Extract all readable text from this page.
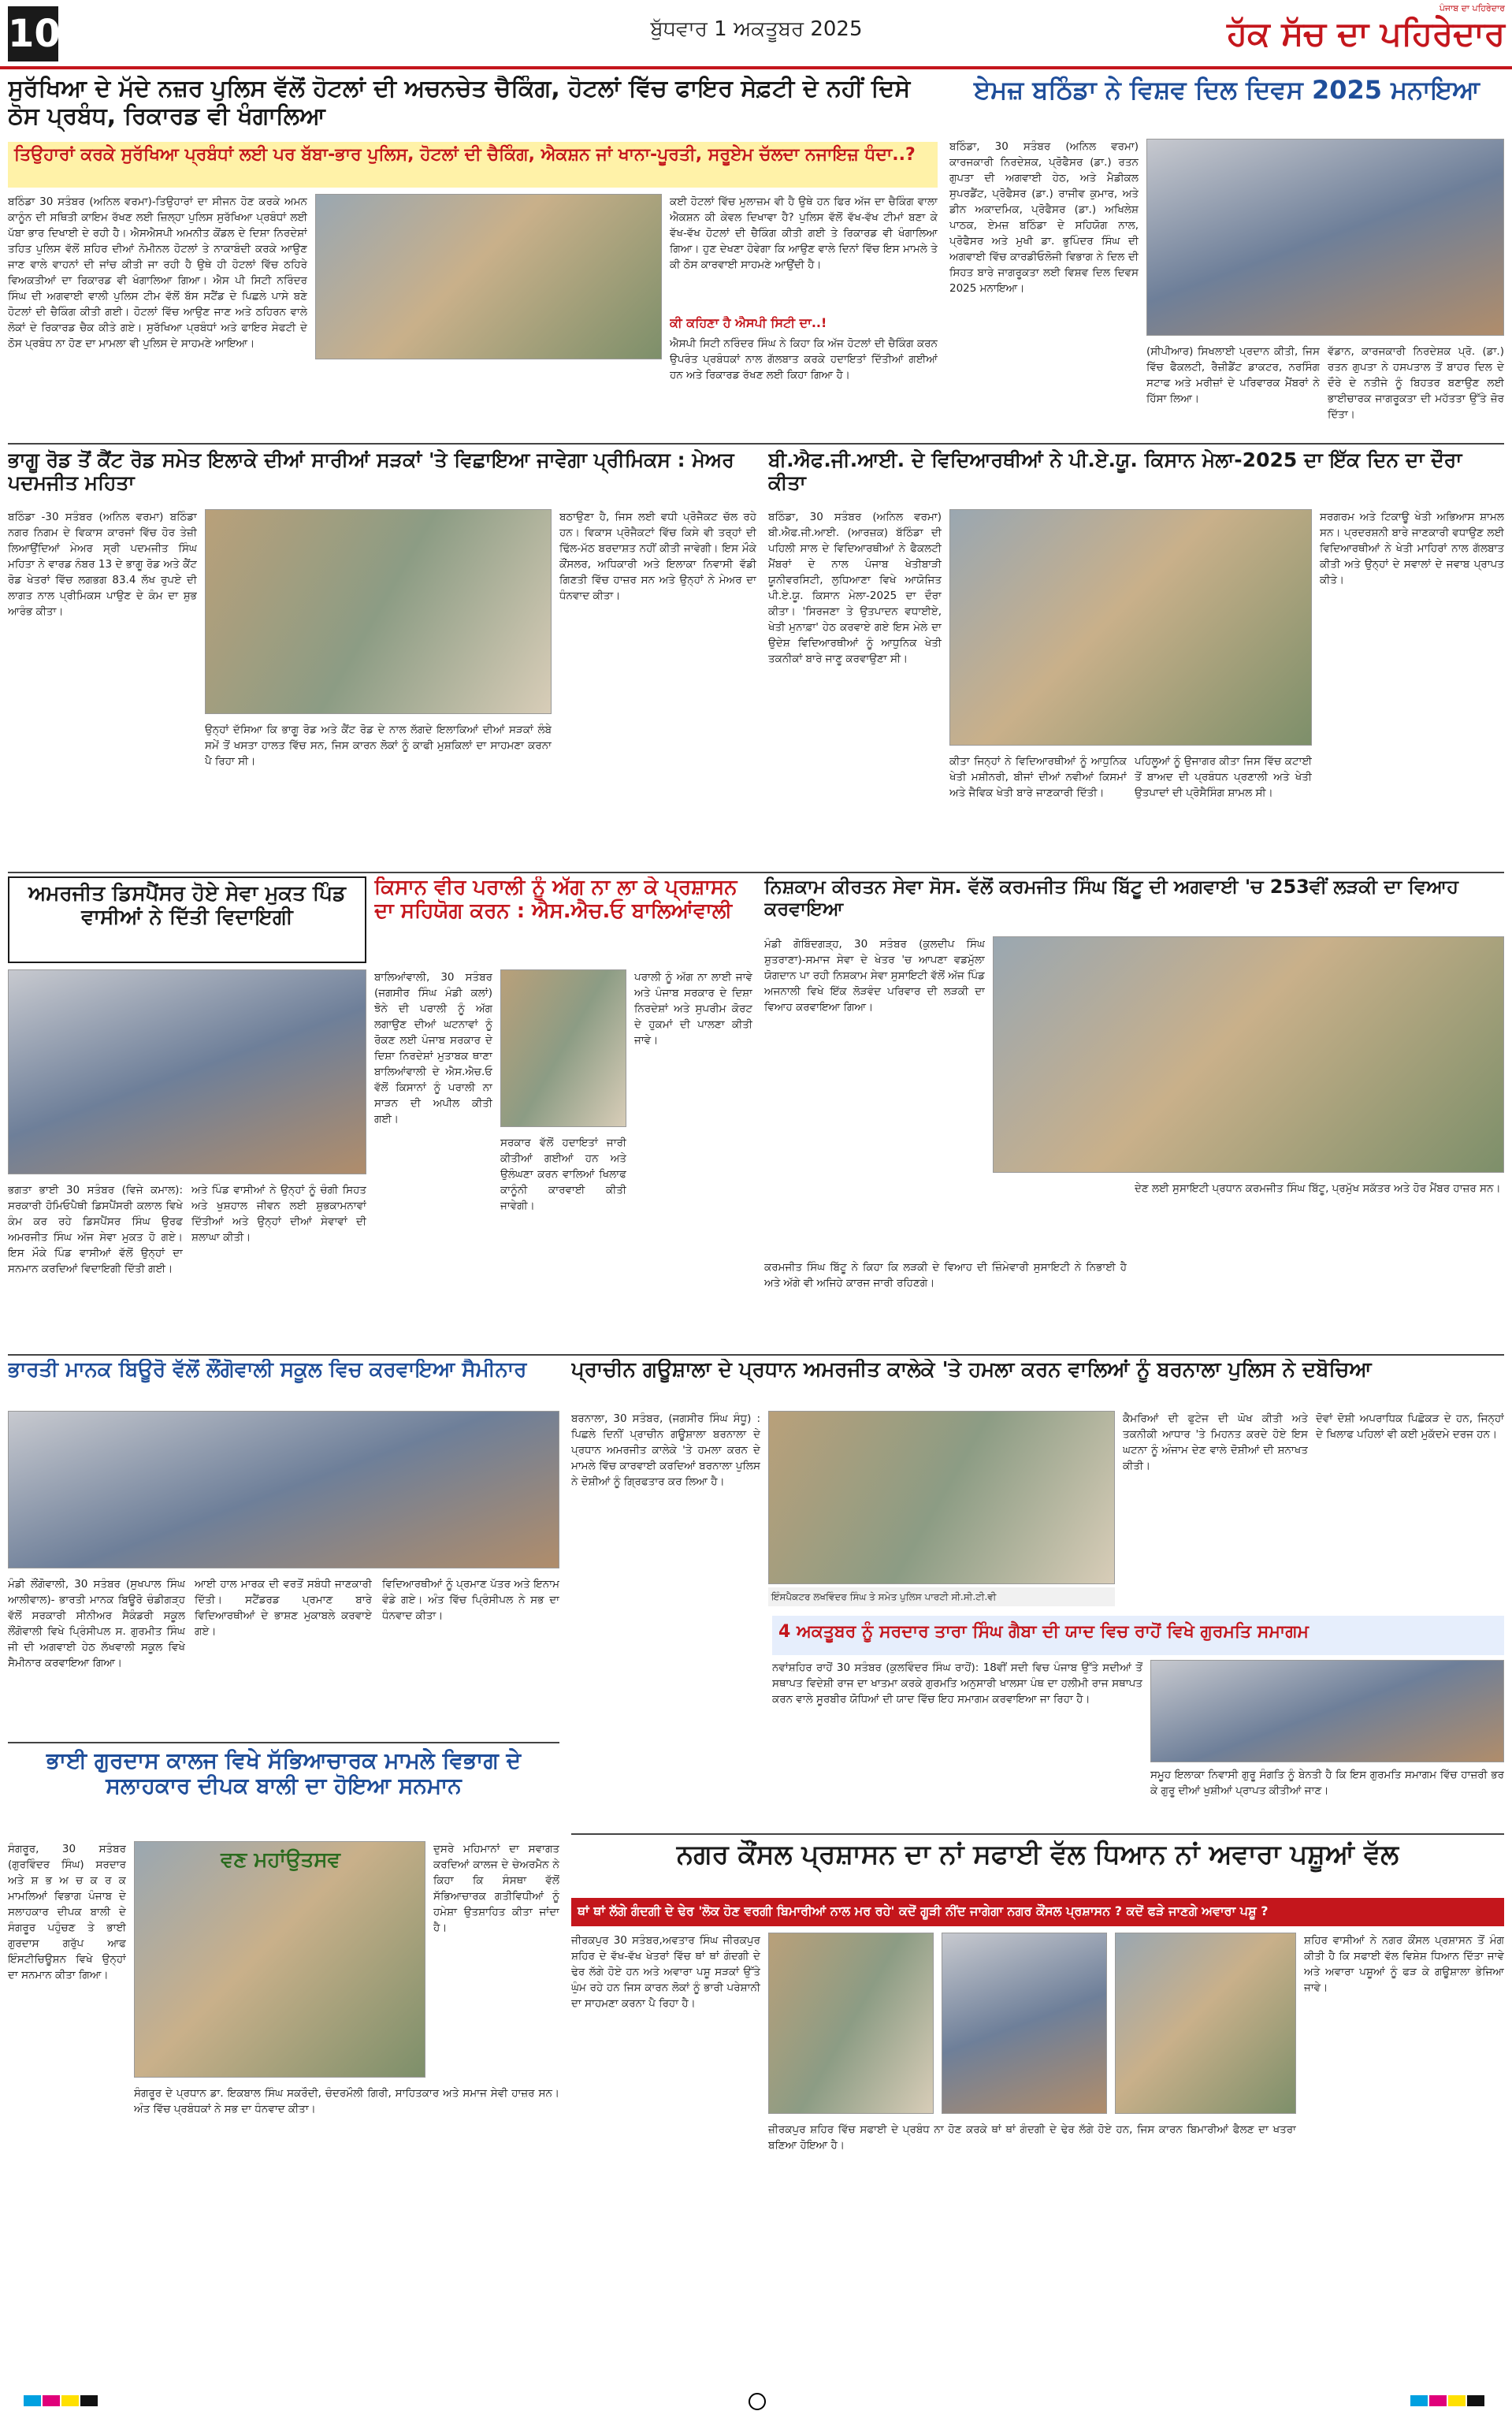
10	ਬੁੱਧਵਾਰ 1 ਅਕਤੂਬਰ 2025
ਪੰਜਾਬ ਦਾ ਪਹਿਰੇਦਾਰ
ਹੱਕ ਸੱਚ ਦਾ ਪਹਿਰੇਦਾਰ
ਸੁਰੱਖਿਆ ਦੇ ਮੱਦੇ ਨਜ਼ਰ ਪੁਲਿਸ ਵੱਲੋਂ ਹੋਟਲਾਂ ਦੀ ਅਚਨਚੇਤ ਚੈਕਿੰਗ, ਹੋਟਲਾਂ ਵਿੱਚ ਫਾਇਰ ਸੇਫ਼ਟੀ ਦੇ ਨਹੀਂ ਦਿਸੇ ਠੋਸ ਪ੍ਰਬੰਧ, ਰਿਕਾਰਡ ਵੀ ਖੰਗਾਲਿਆ
ਤਿਉਹਾਰਾਂ ਕਰਕੇ ਸੁਰੱਖਿਆ ਪ੍ਰਬੰਧਾਂ ਲਈ ਪਰ ਬੱਬਾ-ਭਾਰ ਪੁਲਿਸ, ਹੋਟਲਾਂ ਦੀ ਚੈਕਿੰਗ, ਐਕਸ਼ਨ ਜਾਂ ਖਾਨਾ-ਪੂਰਤੀ, ਸਰੂਏਮ ਚੱਲਦਾ ਨਜਾਇਜ਼ ਧੰਦਾ..?
ਬਠਿੰਡਾ 30 ਸਤੰਬਰ (ਅਨਿਲ ਵਰਮਾ)-ਤਿਉਹਾਰਾਂ ਦਾ ਸੀਜਨ ਹੋਣ ਕਰਕੇ ਅਮਨ ਕਾਨੂੰਨ ਦੀ ਸਥਿਤੀ ਕਾਇਮ ਰੱਖਣ ਲਈ ਜ਼ਿਲ੍ਹਾ ਪੁਲਿਸ ਸੁਰੱਖਿਆ ਪ੍ਰਬੰਧਾਂ ਲਈ ਪੱਬਾ ਭਾਰ ਦਿਖਾਈ ਦੇ ਰਹੀ ਹੈ। ਐਸਐਸਪੀ ਅਮਨੀਤ ਕੋਂਡਲ ਦੇ ਦਿਸ਼ਾ ਨਿਰਦੇਸ਼ਾਂ ਤਹਿਤ ਪੁਲਿਸ ਵੱਲੋਂ ਸ਼ਹਿਰ ਦੀਆਂ ਨੋਮੀਨਲ ਹੋਟਲਾਂ ਤੇ ਨਾਕਾਬੰਦੀ ਕਰਕੇ ਆਉਣ ਜਾਣ ਵਾਲੇ ਵਾਹਨਾਂ ਦੀ ਜਾਂਚ ਕੀਤੀ ਜਾ ਰਹੀ ਹੈ ਉਥੇ ਹੀ ਹੋਟਲਾਂ ਵਿੱਚ ਠਹਿਰੇ ਵਿਅਕਤੀਆਂ ਦਾ ਰਿਕਾਰਡ ਵੀ ਖੰਗਾਲਿਆ ਗਿਆ। ਐਸ ਪੀ ਸਿਟੀ ਨਰਿੰਦਰ ਸਿੰਘ ਦੀ ਅਗਵਾਈ ਵਾਲੀ ਪੁਲਿਸ ਟੀਮ ਵੱਲੋਂ ਬੱਸ ਸਟੈਂਡ ਦੇ ਪਿਛਲੇ ਪਾਸੇ ਬਣੇ ਹੋਟਲਾਂ ਦੀ ਚੈਕਿੰਗ ਕੀਤੀ ਗਈ। ਹੋਟਲਾਂ ਵਿੱਚ ਆਉਣ ਜਾਣ ਅਤੇ ਠਹਿਰਨ ਵਾਲੇ ਲੋਕਾਂ ਦੇ ਰਿਕਾਰਡ ਚੈਕ ਕੀਤੇ ਗਏ। ਸੁਰੱਖਿਆ ਪ੍ਰਬੰਧਾਂ ਅਤੇ ਫਾਇਰ ਸੇਫਟੀ ਦੇ ਠੋਸ ਪ੍ਰਬੰਧ ਨਾ ਹੋਣ ਦਾ ਮਾਮਲਾ ਵੀ ਪੁਲਿਸ ਦੇ ਸਾਹਮਣੇ ਆਇਆ।
ਕਈ ਹੋਟਲਾਂ ਵਿੱਚ ਮੁਲਾਜ਼ਮ ਵੀ ਹੈ ਉਥੇ ਹਨ ਫਿਰ ਅੱਜ ਦਾ ਚੈਕਿੰਗ ਵਾਲਾ ਐਕਸ਼ਨ ਕੀ ਕੇਵਲ ਦਿਖਾਵਾ ਹੈ? ਪੁਲਿਸ ਵੱਲੋਂ ਵੱਖ-ਵੱਖ ਟੀਮਾਂ ਬਣਾ ਕੇ ਵੱਖ-ਵੱਖ ਹੋਟਲਾਂ ਦੀ ਚੈਕਿੰਗ ਕੀਤੀ ਗਈ ਤੇ ਰਿਕਾਰਡ ਵੀ ਖੰਗਾਲਿਆ ਗਿਆ। ਹੁਣ ਦੇਖਣਾ ਹੋਵੇਗਾ ਕਿ ਆਉਣ ਵਾਲੇ ਦਿਨਾਂ ਵਿੱਚ ਇਸ ਮਾਮਲੇ ਤੇ ਕੀ ਠੋਸ ਕਾਰਵਾਈ ਸਾਹਮਣੇ ਆਉਂਦੀ ਹੈ।
ਕੀ ਕਹਿਣਾ ਹੈ ਐਸਪੀ ਸਿਟੀ ਦਾ..!
ਐਸਪੀ ਸਿਟੀ ਨਰਿੰਦਰ ਸਿੰਘ ਨੇ ਕਿਹਾ ਕਿ ਅੱਜ ਹੋਟਲਾਂ ਦੀ ਚੈਕਿੰਗ ਕਰਨ ਉਪਰੰਤ ਪ੍ਰਬੰਧਕਾਂ ਨਾਲ ਗੱਲਬਾਤ ਕਰਕੇ ਹਦਾਇਤਾਂ ਦਿੱਤੀਆਂ ਗਈਆਂ ਹਨ ਅਤੇ ਰਿਕਾਰਡ ਰੱਖਣ ਲਈ ਕਿਹਾ ਗਿਆ ਹੈ।
ਏਮਜ਼ ਬਠਿੰਡਾ ਨੇ ਵਿਸ਼ਵ ਦਿਲ ਦਿਵਸ 2025 ਮਨਾਇਆ
ਬਠਿੰਡਾ, 30 ਸਤੰਬਰ (ਅਨਿਲ ਵਰਮਾ) ਕਾਰਜਕਾਰੀ ਨਿਰਦੇਸ਼ਕ, ਪ੍ਰੋਫੈਸਰ (ਡਾ.) ਰਤਨ ਗੁਪਤਾ ਦੀ ਅਗਵਾਈ ਹੇਠ, ਅਤੇ ਮੈਡੀਕਲ ਸੁਪਰਡੈਂਟ, ਪ੍ਰੋਫੈਸਰ (ਡਾ.) ਰਾਜੀਵ ਕੁਮਾਰ, ਅਤੇ ਡੀਨ ਅਕਾਦਮਿਕ, ਪ੍ਰੋਫੈਸਰ (ਡਾ.) ਅਖਿਲੇਸ਼ ਪਾਠਕ, ਏਮਜ਼ ਬਠਿੰਡਾ ਦੇ ਸਹਿਯੋਗ ਨਾਲ, ਪ੍ਰੋਫੈਸਰ ਅਤੇ ਮੁਖੀ ਡਾ. ਭੁਪਿੰਦਰ ਸਿੰਘ ਦੀ ਅਗਵਾਈ ਵਿੱਚ ਕਾਰਡੀਓਲੋਜੀ ਵਿਭਾਗ ਨੇ ਦਿਲ ਦੀ ਸਿਹਤ ਬਾਰੇ ਜਾਗਰੂਕਤਾ ਲਈ ਵਿਸ਼ਵ ਦਿਲ ਦਿਵਸ 2025 ਮਨਾਇਆ।
(ਸੀਪੀਆਰ) ਸਿਖਲਾਈ ਪ੍ਰਦਾਨ ਕੀਤੀ, ਜਿਸ ਵਿੱਚ ਫੈਕਲਟੀ, ਰੈਜ਼ੀਡੈਂਟ ਡਾਕਟਰ, ਨਰਸਿੰਗ ਸਟਾਫ ਅਤੇ ਮਰੀਜ਼ਾਂ ਦੇ ਪਰਿਵਾਰਕ ਮੈਂਬਰਾਂ ਨੇ ਹਿੱਸਾ ਲਿਆ।
ਵੱਡਾਨ, ਕਾਰਜਕਾਰੀ ਨਿਰਦੇਸ਼ਕ ਪ੍ਰੋ. (ਡਾ.) ਰਤਨ ਗੁਪਤਾ ਨੇ ਹਸਪਤਾਲ ਤੋਂ ਬਾਹਰ ਦਿਲ ਦੇ ਦੌਰੇ ਦੇ ਨਤੀਜੇ ਨੂੰ ਬਿਹਤਰ ਬਣਾਉਣ ਲਈ ਭਾਈਚਾਰਕ ਜਾਗਰੂਕਤਾ ਦੀ ਮਹੱਤਤਾ ਉੱਤੇ ਜ਼ੋਰ ਦਿੱਤਾ।
ਭਾਗੂ ਰੋਡ ਤੋਂ ਕੈਂਟ ਰੋਡ ਸਮੇਤ ਇਲਾਕੇ ਦੀਆਂ ਸਾਰੀਆਂ ਸੜਕਾਂ 'ਤੇ ਵਿਛਾਇਆ ਜਾਵੇਗਾ ਪ੍ਰੀਮਿਕਸ : ਮੇਅਰ ਪਦਮਜੀਤ ਮਹਿਤਾ
ਬਠਿੰਡਾ -30 ਸਤੰਬਰ (ਅਨਿਲ ਵਰਮਾ) ਬਠਿੰਡਾ ਨਗਰ ਨਿਗਮ ਦੇ ਵਿਕਾਸ ਕਾਰਜਾਂ ਵਿੱਚ ਹੋਰ ਤੇਜ਼ੀ ਲਿਆਉਂਦਿਆਂ ਮੇਅਰ ਸ੍ਰੀ ਪਦਮਜੀਤ ਸਿੰਘ ਮਹਿਤਾ ਨੇ ਵਾਰਡ ਨੰਬਰ 13 ਦੇ ਭਾਗੂ ਰੋਡ ਅਤੇ ਕੈਂਟ ਰੋਡ ਖੇਤਰਾਂ ਵਿੱਚ ਲਗਭਗ 83.4 ਲੱਖ ਰੁਪਏ ਦੀ ਲਾਗਤ ਨਾਲ ਪ੍ਰੀਮਿਕਸ ਪਾਉਣ ਦੇ ਕੰਮ ਦਾ ਸ਼ੁਭ ਆਰੰਭ ਕੀਤਾ।
ਉਨ੍ਹਾਂ ਦੱਸਿਆ ਕਿ ਭਾਗੂ ਰੋਡ ਅਤੇ ਕੈਂਟ ਰੋਡ ਦੇ ਨਾਲ ਲੱਗਦੇ ਇਲਾਕਿਆਂ ਦੀਆਂ ਸੜਕਾਂ ਲੰਬੇ ਸਮੇਂ ਤੋਂ ਖਸਤਾ ਹਾਲਤ ਵਿੱਚ ਸਨ, ਜਿਸ ਕਾਰਨ ਲੋਕਾਂ ਨੂੰ ਕਾਫੀ ਮੁਸ਼ਕਿਲਾਂ ਦਾ ਸਾਹਮਣਾ ਕਰਨਾ ਪੈ ਰਿਹਾ ਸੀ।
ਬਠਾਉਣਾ ਹੈ, ਜਿਸ ਲਈ ਵਧੀ ਪ੍ਰੋਜੈਕਟ ਚੱਲ ਰਹੇ ਹਨ। ਵਿਕਾਸ ਪ੍ਰੋਜੈਕਟਾਂ ਵਿੱਚ ਕਿਸੇ ਵੀ ਤਰ੍ਹਾਂ ਦੀ ਢਿੱਲ-ਮੱਠ ਬਰਦਾਸ਼ਤ ਨਹੀਂ ਕੀਤੀ ਜਾਵੇਗੀ। ਇਸ ਮੌਕੇ ਕੌਂਸਲਰ, ਅਧਿਕਾਰੀ ਅਤੇ ਇਲਾਕਾ ਨਿਵਾਸੀ ਵੱਡੀ ਗਿਣਤੀ ਵਿੱਚ ਹਾਜ਼ਰ ਸਨ ਅਤੇ ਉਨ੍ਹਾਂ ਨੇ ਮੇਅਰ ਦਾ ਧੰਨਵਾਦ ਕੀਤਾ।
ਬੀ.ਐਫ.ਜੀ.ਆਈ. ਦੇ ਵਿਦਿਆਰਥੀਆਂ ਨੇ ਪੀ.ਏ.ਯੂ. ਕਿਸਾਨ ਮੇਲਾ-2025 ਦਾ ਇੱਕ ਦਿਨ ਦਾ ਦੌਰਾ ਕੀਤਾ
ਬਠਿੰਡਾ, 30 ਸਤੰਬਰ (ਅਨਿਲ ਵਰਮਾ) ਬੀ.ਐਫ.ਜੀ.ਆਈ. (ਆਰਜ਼ਕ) ਬੱਠਿੰਡਾ ਦੀ ਪਹਿਲੀ ਸਾਲ ਦੇ ਵਿਦਿਆਰਥੀਆਂ ਨੇ ਫੈਕਲਟੀ ਮੈਂਬਰਾਂ ਦੇ ਨਾਲ ਪੰਜਾਬ ਖੇਤੀਬਾੜੀ ਯੂਨੀਵਰਸਿਟੀ, ਲੁਧਿਆਣਾ ਵਿਖੇ ਆਯੋਜਿਤ ਪੀ.ਏ.ਯੂ. ਕਿਸਾਨ ਮੇਲਾ-2025 ਦਾ ਦੌਰਾ ਕੀਤਾ। 'ਸਿਰਜਣਾ ਤੇ ਉਤਪਾਦਨ ਵਧਾਈਏ, ਖੇਤੀ ਮੁਨਾਫ਼ਾ' ਹੇਠ ਕਰਵਾਏ ਗਏ ਇਸ ਮੇਲੇ ਦਾ ਉਦੇਸ਼ ਵਿਦਿਆਰਥੀਆਂ ਨੂੰ ਆਧੁਨਿਕ ਖੇਤੀ ਤਕਨੀਕਾਂ ਬਾਰੇ ਜਾਣੂ ਕਰਵਾਉਣਾ ਸੀ।
ਕੀਤਾ ਜਿਨ੍ਹਾਂ ਨੇ ਵਿਦਿਆਰਥੀਆਂ ਨੂੰ ਆਧੁਨਿਕ ਖੇਤੀ ਮਸ਼ੀਨਰੀ, ਬੀਜਾਂ ਦੀਆਂ ਨਵੀਆਂ ਕਿਸਮਾਂ ਅਤੇ ਜੈਵਿਕ ਖੇਤੀ ਬਾਰੇ ਜਾਣਕਾਰੀ ਦਿੱਤੀ।
ਪਹਿਲੂਆਂ ਨੂੰ ਉਜਾਗਰ ਕੀਤਾ ਜਿਸ ਵਿੱਚ ਕਟਾਈ ਤੋਂ ਬਾਅਦ ਦੀ ਪ੍ਰਬੰਧਨ ਪ੍ਰਣਾਲੀ ਅਤੇ ਖੇਤੀ ਉਤਪਾਦਾਂ ਦੀ ਪ੍ਰੋਸੈਸਿੰਗ ਸ਼ਾਮਲ ਸੀ।
ਸਰਗਰਮ ਅਤੇ ਟਿਕਾਊ ਖੇਤੀ ਅਭਿਆਸ ਸ਼ਾਮਲ ਸਨ। ਪ੍ਰਦਰਸ਼ਨੀ ਬਾਰੇ ਜਾਣਕਾਰੀ ਵਧਾਉਣ ਲਈ ਵਿਦਿਆਰਥੀਆਂ ਨੇ ਖੇਤੀ ਮਾਹਿਰਾਂ ਨਾਲ ਗੱਲਬਾਤ ਕੀਤੀ ਅਤੇ ਉਨ੍ਹਾਂ ਦੇ ਸਵਾਲਾਂ ਦੇ ਜਵਾਬ ਪ੍ਰਾਪਤ ਕੀਤੇ।
ਅਮਰਜੀਤ ਡਿਸਪੈਂਸਰ ਹੋਏ ਸੇਵਾ ਮੁਕਤ ਪਿੰਡ ਵਾਸੀਆਂ ਨੇ ਦਿੱਤੀ ਵਿਦਾਇਗੀ
ਭਗਤਾ ਭਾਈ 30 ਸਤੰਬਰ (ਵਿਜੇ ਕਮਾਲ): ਸਰਕਾਰੀ ਹੋਮਿਓਪੈਥੀ ਡਿਸਪੈਂਸਰੀ ਕਲਾਲ ਵਿਖੇ ਕੰਮ ਕਰ ਰਹੇ ਡਿਸਪੈਂਸਰ ਸਿੰਘ ਉਰਫ ਅਮਰਜੀਤ ਸਿੰਘ ਅੱਜ ਸੇਵਾ ਮੁਕਤ ਹੋ ਗਏ। ਇਸ ਮੌਕੇ ਪਿੰਡ ਵਾਸੀਆਂ ਵੱਲੋਂ ਉਨ੍ਹਾਂ ਦਾ ਸਨਮਾਨ ਕਰਦਿਆਂ ਵਿਦਾਇਗੀ ਦਿੱਤੀ ਗਈ।
ਅਤੇ ਪਿੰਡ ਵਾਸੀਆਂ ਨੇ ਉਨ੍ਹਾਂ ਨੂੰ ਚੰਗੀ ਸਿਹਤ ਅਤੇ ਖੁਸ਼ਹਾਲ ਜੀਵਨ ਲਈ ਸ਼ੁਭਕਾਮਨਾਵਾਂ ਦਿੱਤੀਆਂ ਅਤੇ ਉਨ੍ਹਾਂ ਦੀਆਂ ਸੇਵਾਵਾਂ ਦੀ ਸ਼ਲਾਘਾ ਕੀਤੀ।
ਕਿਸਾਨ ਵੀਰ ਪਰਾਲੀ ਨੂੰ ਅੱਗ ਨਾ ਲਾ ਕੇ ਪ੍ਰਸ਼ਾਸਨ ਦਾ ਸਹਿਯੋਗ ਕਰਨ : ਐਸ.ਐਚ.ਓ ਬਾਲਿਆਂਵਾਲੀ
ਬਾਲਿਆਂਵਾਲੀ, 30 ਸਤੰਬਰ (ਜਗਸੀਰ ਸਿੰਘ ਮੰਡੀ ਕਲਾਂ) ਝੋਨੇ ਦੀ ਪਰਾਲੀ ਨੂੰ ਅੱਗ ਲਗਾਉਣ ਦੀਆਂ ਘਟਨਾਵਾਂ ਨੂੰ ਰੋਕਣ ਲਈ ਪੰਜਾਬ ਸਰਕਾਰ ਦੇ ਦਿਸ਼ਾ ਨਿਰਦੇਸ਼ਾਂ ਮੁਤਾਬਕ ਥਾਣਾ ਬਾਲਿਆਂਵਾਲੀ ਦੇ ਐਸ.ਐਚ.ਓ ਵੱਲੋਂ ਕਿਸਾਨਾਂ ਨੂੰ ਪਰਾਲੀ ਨਾ ਸਾੜਨ ਦੀ ਅਪੀਲ ਕੀਤੀ ਗਈ।
ਪਰਾਲੀ ਨੂੰ ਅੱਗ ਨਾ ਲਾਈ ਜਾਵੇ ਅਤੇ ਪੰਜਾਬ ਸਰਕਾਰ ਦੇ ਦਿਸ਼ਾ ਨਿਰਦੇਸ਼ਾਂ ਅਤੇ ਸੁਪਰੀਮ ਕੋਰਟ ਦੇ ਹੁਕਮਾਂ ਦੀ ਪਾਲਣਾ ਕੀਤੀ ਜਾਵੇ।
ਸਰਕਾਰ ਵੱਲੋਂ ਹਦਾਇਤਾਂ ਜਾਰੀ ਕੀਤੀਆਂ ਗਈਆਂ ਹਨ ਅਤੇ ਉਲੰਘਣਾ ਕਰਨ ਵਾਲਿਆਂ ਖਿਲਾਫ ਕਾਨੂੰਨੀ ਕਾਰਵਾਈ ਕੀਤੀ ਜਾਵੇਗੀ।
ਨਿਸ਼ਕਾਮ ਕੀਰਤਨ ਸੇਵਾ ਸੋਸ. ਵੱਲੋਂ ਕਰਮਜੀਤ ਸਿੰਘ ਬਿੱਟੂ ਦੀ ਅਗਵਾਈ 'ਚ 253ਵੀਂ ਲੜਕੀ ਦਾ ਵਿਆਹ ਕਰਵਾਇਆ
ਮੰਡੀ ਗੋਬਿੰਦਗੜ੍ਹ, 30 ਸਤੰਬਰ (ਕੁਲਦੀਪ ਸਿੰਘ ਸ਼ੁਤਰਾਣਾ)-ਸਮਾਜ ਸੇਵਾ ਦੇ ਖੇਤਰ 'ਚ ਆਪਣਾ ਵਡਮੁੱਲਾ ਯੋਗਦਾਨ ਪਾ ਰਹੀ ਨਿਸ਼ਕਾਮ ਸੇਵਾ ਸੁਸਾਇਟੀ ਵੱਲੋਂ ਅੱਜ ਪਿੰਡ ਅਜਨਾਲੀ ਵਿਖੇ ਇੱਕ ਲੋੜਵੰਦ ਪਰਿਵਾਰ ਦੀ ਲੜਕੀ ਦਾ ਵਿਆਹ ਕਰਵਾਇਆ ਗਿਆ।
ਕਰਮਜੀਤ ਸਿੰਘ ਬਿੱਟੂ ਨੇ ਕਿਹਾ ਕਿ ਲੜਕੀ ਦੇ ਵਿਆਹ ਦੀ ਜ਼ਿੰਮੇਵਾਰੀ ਸੁਸਾਇਟੀ ਨੇ ਨਿਭਾਈ ਹੈ ਅਤੇ ਅੱਗੇ ਵੀ ਅਜਿਹੇ ਕਾਰਜ ਜਾਰੀ ਰਹਿਣਗੇ।
ਦੇਣ ਲਈ ਸੁਸਾਇਟੀ ਪ੍ਰਧਾਨ ਕਰਮਜੀਤ ਸਿੰਘ ਬਿੱਟੂ, ਪ੍ਰਮੁੱਖ ਸਕੱਤਰ ਅਤੇ ਹੋਰ ਮੈਂਬਰ ਹਾਜ਼ਰ ਸਨ।
ਭਾਰਤੀ ਮਾਨਕ ਬਿਊਰੋ ਵੱਲੋਂ ਲੌਂਗੋਵਾਲੀ ਸਕੂਲ ਵਿਚ ਕਰਵਾਇਆ ਸੈਮੀਨਾਰ
ਮੰਡੀ ਲੌਂਗੋਵਾਲੀ, 30 ਸਤੰਬਰ (ਸੁਖਪਾਲ ਸਿੰਘ ਆਲੀਵਾਲ)- ਭਾਰਤੀ ਮਾਨਕ ਬਿਊਰੋ ਚੰਡੀਗੜ੍ਹ ਵੱਲੋਂ ਸਰਕਾਰੀ ਸੀਨੀਅਰ ਸੈਕੰਡਰੀ ਸਕੂਲ ਲੌਂਗੋਵਾਲੀ ਵਿਖੇ ਪ੍ਰਿੰਸੀਪਲ ਸ. ਗੁਰਮੀਤ ਸਿੰਘ ਜੀ ਦੀ ਅਗਵਾਈ ਹੇਠ ਲੱਖਵਾਲੀ ਸਕੂਲ ਵਿਖੇ ਸੈਮੀਨਾਰ ਕਰਵਾਇਆ ਗਿਆ।
ਆਈ ਹਾਲ ਮਾਰਕ ਦੀ ਵਰਤੋਂ ਸਬੰਧੀ ਜਾਣਕਾਰੀ ਦਿੱਤੀ। ਸਟੈਂਡਰਡ ਪ੍ਰਮਾਣ ਬਾਰੇ ਵਿਦਿਆਰਥੀਆਂ ਦੇ ਭਾਸ਼ਣ ਮੁਕਾਬਲੇ ਕਰਵਾਏ ਗਏ।
ਵਿਦਿਆਰਥੀਆਂ ਨੂੰ ਪ੍ਰਮਾਣ ਪੱਤਰ ਅਤੇ ਇਨਾਮ ਵੰਡੇ ਗਏ। ਅੰਤ ਵਿੱਚ ਪ੍ਰਿੰਸੀਪਲ ਨੇ ਸਭ ਦਾ ਧੰਨਵਾਦ ਕੀਤਾ।
ਪ੍ਰਾਚੀਨ ਗਊਸ਼ਾਲਾ ਦੇ ਪ੍ਰਧਾਨ ਅਮਰਜੀਤ ਕਾਲੇਕੇ 'ਤੇ ਹਮਲਾ ਕਰਨ ਵਾਲਿਆਂ ਨੂੰ ਬਰਨਾਲਾ ਪੁਲਿਸ ਨੇ ਦਬੋਚਿਆ
ਬਰਨਾਲਾ, 30 ਸਤੰਬਰ, (ਜਗਸੀਰ ਸਿੰਘ ਸੰਧੂ) : ਪਿਛਲੇ ਦਿਨੀਂ ਪ੍ਰਾਚੀਨ ਗਊਸ਼ਾਲਾ ਬਰਨਾਲਾ ਦੇ ਪ੍ਰਧਾਨ ਅਮਰਜੀਤ ਕਾਲੇਕੇ 'ਤੇ ਹਮਲਾ ਕਰਨ ਦੇ ਮਾਮਲੇ ਵਿੱਚ ਕਾਰਵਾਈ ਕਰਦਿਆਂ ਬਰਨਾਲਾ ਪੁਲਿਸ ਨੇ ਦੋਸ਼ੀਆਂ ਨੂੰ ਗ੍ਰਿਫਤਾਰ ਕਰ ਲਿਆ ਹੈ।
ਇੰਸਪੈਕਟਰ ਲਖਵਿੰਦਰ ਸਿੰਘ ਤੇ ਸਮੇਤ ਪੁਲਿਸ ਪਾਰਟੀ ਸੀ.ਸੀ.ਟੀ.ਵੀ
ਕੈਮਰਿਆਂ ਦੀ ਫੁਟੇਜ ਦੀ ਘੋਖ ਕੀਤੀ ਅਤੇ ਤਕਨੀਕੀ ਆਧਾਰ 'ਤੇ ਮਿਹਨਤ ਕਰਦੇ ਹੋਏ ਇਸ ਘਟਨਾ ਨੂੰ ਅੰਜਾਮ ਦੇਣ ਵਾਲੇ ਦੋਸ਼ੀਆਂ ਦੀ ਸ਼ਨਾਖਤ ਕੀਤੀ।
ਦੋਵਾਂ ਦੋਸ਼ੀ ਅਪਰਾਧਿਕ ਪਿਛੋਕੜ ਦੇ ਹਨ, ਜਿਨ੍ਹਾਂ ਦੇ ਖਿਲਾਫ ਪਹਿਲਾਂ ਵੀ ਕਈ ਮੁਕੱਦਮੇ ਦਰਜ ਹਨ।
4 ਅਕਤੂਬਰ ਨੂੰ ਸਰਦਾਰ ਤਾਰਾ ਸਿੰਘ ਗੈਬਾ ਦੀ ਯਾਦ ਵਿਚ ਰਾਹੋਂ ਵਿਖੇ ਗੁਰਮਤਿ ਸਮਾਗਮ
ਨਵਾਂਸ਼ਹਿਰ ਰਾਹੋਂ 30 ਸਤੰਬਰ (ਕੁਲਵਿੰਦਰ ਸਿੰਘ ਰਾਹੋਂ): 18ਵੀਂ ਸਦੀ ਵਿਚ ਪੰਜਾਬ ਉੱਤੇ ਸਦੀਆਂ ਤੋਂ ਸਥਾਪਤ ਵਿਦੇਸ਼ੀ ਰਾਜ ਦਾ ਖਾਤਮਾ ਕਰਕੇ ਗੁਰਮਤਿ ਅਨੁਸਾਰੀ ਖਾਲਸਾ ਪੰਥ ਦਾ ਹਲੀਮੀ ਰਾਜ ਸਥਾਪਤ ਕਰਨ ਵਾਲੇ ਸੂਰਬੀਰ ਯੋਧਿਆਂ ਦੀ ਯਾਦ ਵਿੱਚ ਇਹ ਸਮਾਗਮ ਕਰਵਾਇਆ ਜਾ ਰਿਹਾ ਹੈ।
ਸਮੂਹ ਇਲਾਕਾ ਨਿਵਾਸੀ ਗੁਰੂ ਸੰਗਤਿ ਨੂੰ ਬੇਨਤੀ ਹੈ ਕਿ ਇਸ ਗੁਰਮਤਿ ਸਮਾਗਮ ਵਿੱਚ ਹਾਜ਼ਰੀ ਭਰ ਕੇ ਗੁਰੂ ਦੀਆਂ ਖੁਸ਼ੀਆਂ ਪ੍ਰਾਪਤ ਕੀਤੀਆਂ ਜਾਣ।
ਭਾਈ ਗੁਰਦਾਸ ਕਾਲਜ ਵਿਖੇ ਸੱਭਿਆਚਾਰਕ ਮਾਮਲੇ ਵਿਭਾਗ ਦੇ ਸਲਾਹਕਾਰ ਦੀਪਕ ਬਾਲੀ ਦਾ ਹੋਇਆ ਸਨਮਾਨ
ਸੰਗਰੂਰ, 30 ਸਤੰਬਰ (ਗੁਰਵਿੰਦਰ ਸਿੰਘ) ਸਰਦਾਰ ਅਤੇ ਸ਼ ਭ ਅ ਚ ਕ ਰ ਕ ਮਾਮਲਿਆਂ ਵਿਭਾਗ ਪੰਜਾਬ ਦੇ ਸਲਾਹਕਾਰ ਦੀਪਕ ਬਾਲੀ ਦੇ ਸੰਗਰੂਰ ਪਹੁੰਚਣ ਤੇ ਭਾਈ ਗੁਰਦਾਸ ਗਰੁੱਪ ਆਫ ਇੰਸਟੀਚਿਊਸ਼ਨ ਵਿਖੇ ਉਨ੍ਹਾਂ ਦਾ ਸਨਮਾਨ ਕੀਤਾ ਗਿਆ।
ਵਣ ਮਹਾਂਉਤਸਵ	ਦੁਸਰੇ ਮਹਿਮਾਨਾਂ ਦਾ ਸਵਾਗਤ ਕਰਦਿਆਂ ਕਾਲਜ ਦੇ ਚੇਅਰਮੈਨ ਨੇ ਕਿਹਾ ਕਿ ਸੰਸਥਾ ਵੱਲੋਂ ਸੱਭਿਆਚਾਰਕ ਗਤੀਵਿਧੀਆਂ ਨੂੰ ਹਮੇਸ਼ਾ ਉਤਸ਼ਾਹਿਤ ਕੀਤਾ ਜਾਂਦਾ ਹੈ।
ਸੰਗਰੂਰ ਦੇ ਪ੍ਰਧਾਨ ਡਾ. ਇਕਬਾਲ ਸਿੰਘ ਸਕਰੌਦੀ, ਚੰਦਰਮੌਲੀ ਗਿਰੀ, ਸਾਹਿਤਕਾਰ ਅਤੇ ਸਮਾਜ ਸੇਵੀ ਹਾਜ਼ਰ ਸਨ। ਅੰਤ ਵਿੱਚ ਪ੍ਰਬੰਧਕਾਂ ਨੇ ਸਭ ਦਾ ਧੰਨਵਾਦ ਕੀਤਾ।
ਨਗਰ ਕੌਂਸਲ ਪ੍ਰਸ਼ਾਸਨ ਦਾ ਨਾਂ ਸਫਾਈ ਵੱਲ ਧਿਆਨ ਨਾਂ ਅਵਾਰਾ ਪਸ਼ੂਆਂ ਵੱਲ
ਥਾਂ ਥਾਂ ਲੱਗੇ ਗੰਦਗੀ ਦੇ ਢੇਰ 'ਲੋਕ ਹੋਣ ਵਰਗੀ ਬਿਮਾਰੀਆਂ ਨਾਲ ਮਰ ਰਹੇ' ਕਦੋਂ ਗੂੜੀ ਨੀਂਦ ਜਾਗੇਗਾ ਨਗਰ ਕੌਂਸਲ ਪ੍ਰਸ਼ਾਸਨ ? ਕਦੋਂ ਫੜੇ ਜਾਣਗੇ ਅਵਾਰਾ ਪਸ਼ੂ ?
ਜੀਰਕਪੁਰ 30 ਸਤੰਬਰ,ਅਵਤਾਰ ਸਿੰਘ ਜੀਰਕਪੁਰ ਸ਼ਹਿਰ ਦੇ ਵੱਖ-ਵੱਖ ਖੇਤਰਾਂ ਵਿੱਚ ਥਾਂ ਥਾਂ ਗੰਦਗੀ ਦੇ ਢੇਰ ਲੱਗੇ ਹੋਏ ਹਨ ਅਤੇ ਅਵਾਰਾ ਪਸ਼ੂ ਸੜਕਾਂ ਉੱਤੇ ਘੁੰਮ ਰਹੇ ਹਨ ਜਿਸ ਕਾਰਨ ਲੋਕਾਂ ਨੂੰ ਭਾਰੀ ਪਰੇਸ਼ਾਨੀ ਦਾ ਸਾਹਮਣਾ ਕਰਨਾ ਪੈ ਰਿਹਾ ਹੈ।
ਜ਼ੀਰਕਪੁਰ ਸ਼ਹਿਰ ਵਿੱਚ ਸਫਾਈ ਦੇ ਪ੍ਰਬੰਧ ਨਾ ਹੋਣ ਕਰਕੇ ਥਾਂ ਥਾਂ ਗੰਦਗੀ ਦੇ ਢੇਰ ਲੱਗੇ ਹੋਏ ਹਨ, ਜਿਸ ਕਾਰਨ ਬਿਮਾਰੀਆਂ ਫੈਲਣ ਦਾ ਖਤਰਾ ਬਣਿਆ ਹੋਇਆ ਹੈ।
ਸ਼ਹਿਰ ਵਾਸੀਆਂ ਨੇ ਨਗਰ ਕੌਂਸਲ ਪ੍ਰਸ਼ਾਸਨ ਤੋਂ ਮੰਗ ਕੀਤੀ ਹੈ ਕਿ ਸਫਾਈ ਵੱਲ ਵਿਸ਼ੇਸ਼ ਧਿਆਨ ਦਿੱਤਾ ਜਾਵੇ ਅਤੇ ਅਵਾਰਾ ਪਸ਼ੂਆਂ ਨੂੰ ਫੜ ਕੇ ਗਊਸ਼ਾਲਾ ਭੇਜਿਆ ਜਾਵੇ।
